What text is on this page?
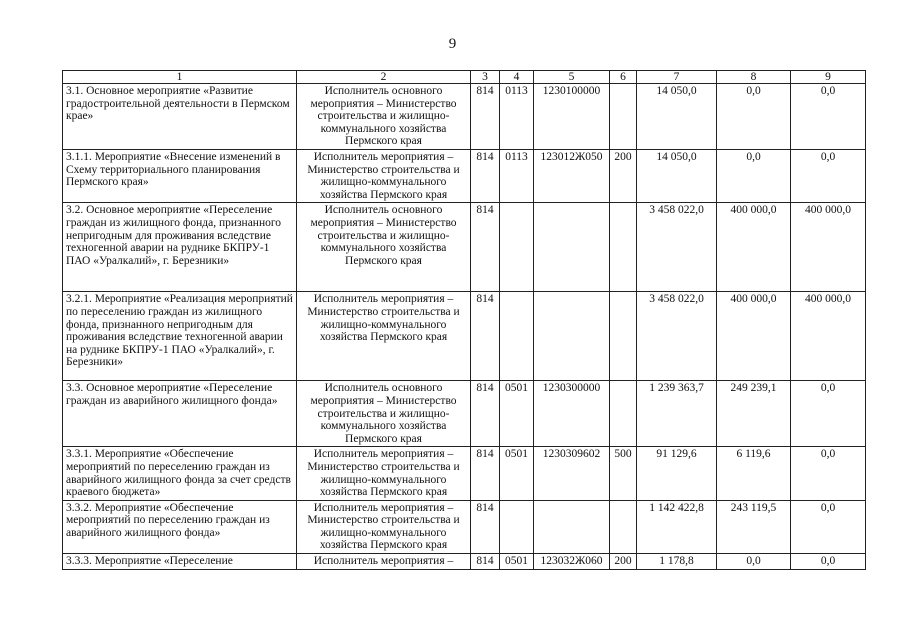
9
1	2	3	4	5	6	7	8	9
3.1. Основное мероприятие «Развитие градостроительной деятельности в Пермском крае»	Исполнитель основного мероприятия – Министерство строительства и жилищно-коммунального хозяйства Пермского края	814	0113	1230100000		14 050,0	0,0	0,0
3.1.1. Мероприятие «Внесение изменений в Схему территориального планирования Пермского края»	Исполнитель мероприятия – Министерство строительства и жилищно-коммунального хозяйства Пермского края	814	0113	123012Ж050	200	14 050,0	0,0	0,0
3.2. Основное мероприятие «Переселение граждан из жилищного фонда, признанного непригодным для проживания вследствие техногенной аварии на руднике БКПРУ-1 ПАО «Уралкалий», г. Березники»	Исполнитель основного мероприятия – Министерство строительства и жилищно-коммунального хозяйства Пермского края	814				3 458 022,0	400 000,0	400 000,0
3.2.1. Мероприятие «Реализация мероприятий по переселению граждан из жилищного фонда, признанного непригодным для проживания вследствие техногенной аварии на руднике БКПРУ-1 ПАО «Уралкалий», г. Березники»	Исполнитель мероприятия – Министерство строительства и жилищно-коммунального хозяйства Пермского края	814				3 458 022,0	400 000,0	400 000,0
3.3. Основное мероприятие «Переселение граждан из аварийного жилищного фонда»	Исполнитель основного мероприятия – Министерство строительства и жилищно-коммунального хозяйства Пермского края	814	0501	1230300000		1 239 363,7	249 239,1	0,0
3.3.1. Мероприятие «Обеспечение мероприятий по переселению граждан из аварийного жилищного фонда за счет средств краевого бюджета»	Исполнитель мероприятия – Министерство строительства и жилищно-коммунального хозяйства Пермского края	814	0501	1230309602	500	91 129,6	6 119,6	0,0
3.3.2. Мероприятие «Обеспечение мероприятий по переселению граждан из аварийного жилищного фонда»	Исполнитель мероприятия – Министерство строительства и жилищно-коммунального хозяйства Пермского края	814				1 142 422,8	243 119,5	0,0
3.3.3. Мероприятие «Переселение	Исполнитель мероприятия –	814	0501	123032Ж060	200	1 178,8	0,0	0,0
